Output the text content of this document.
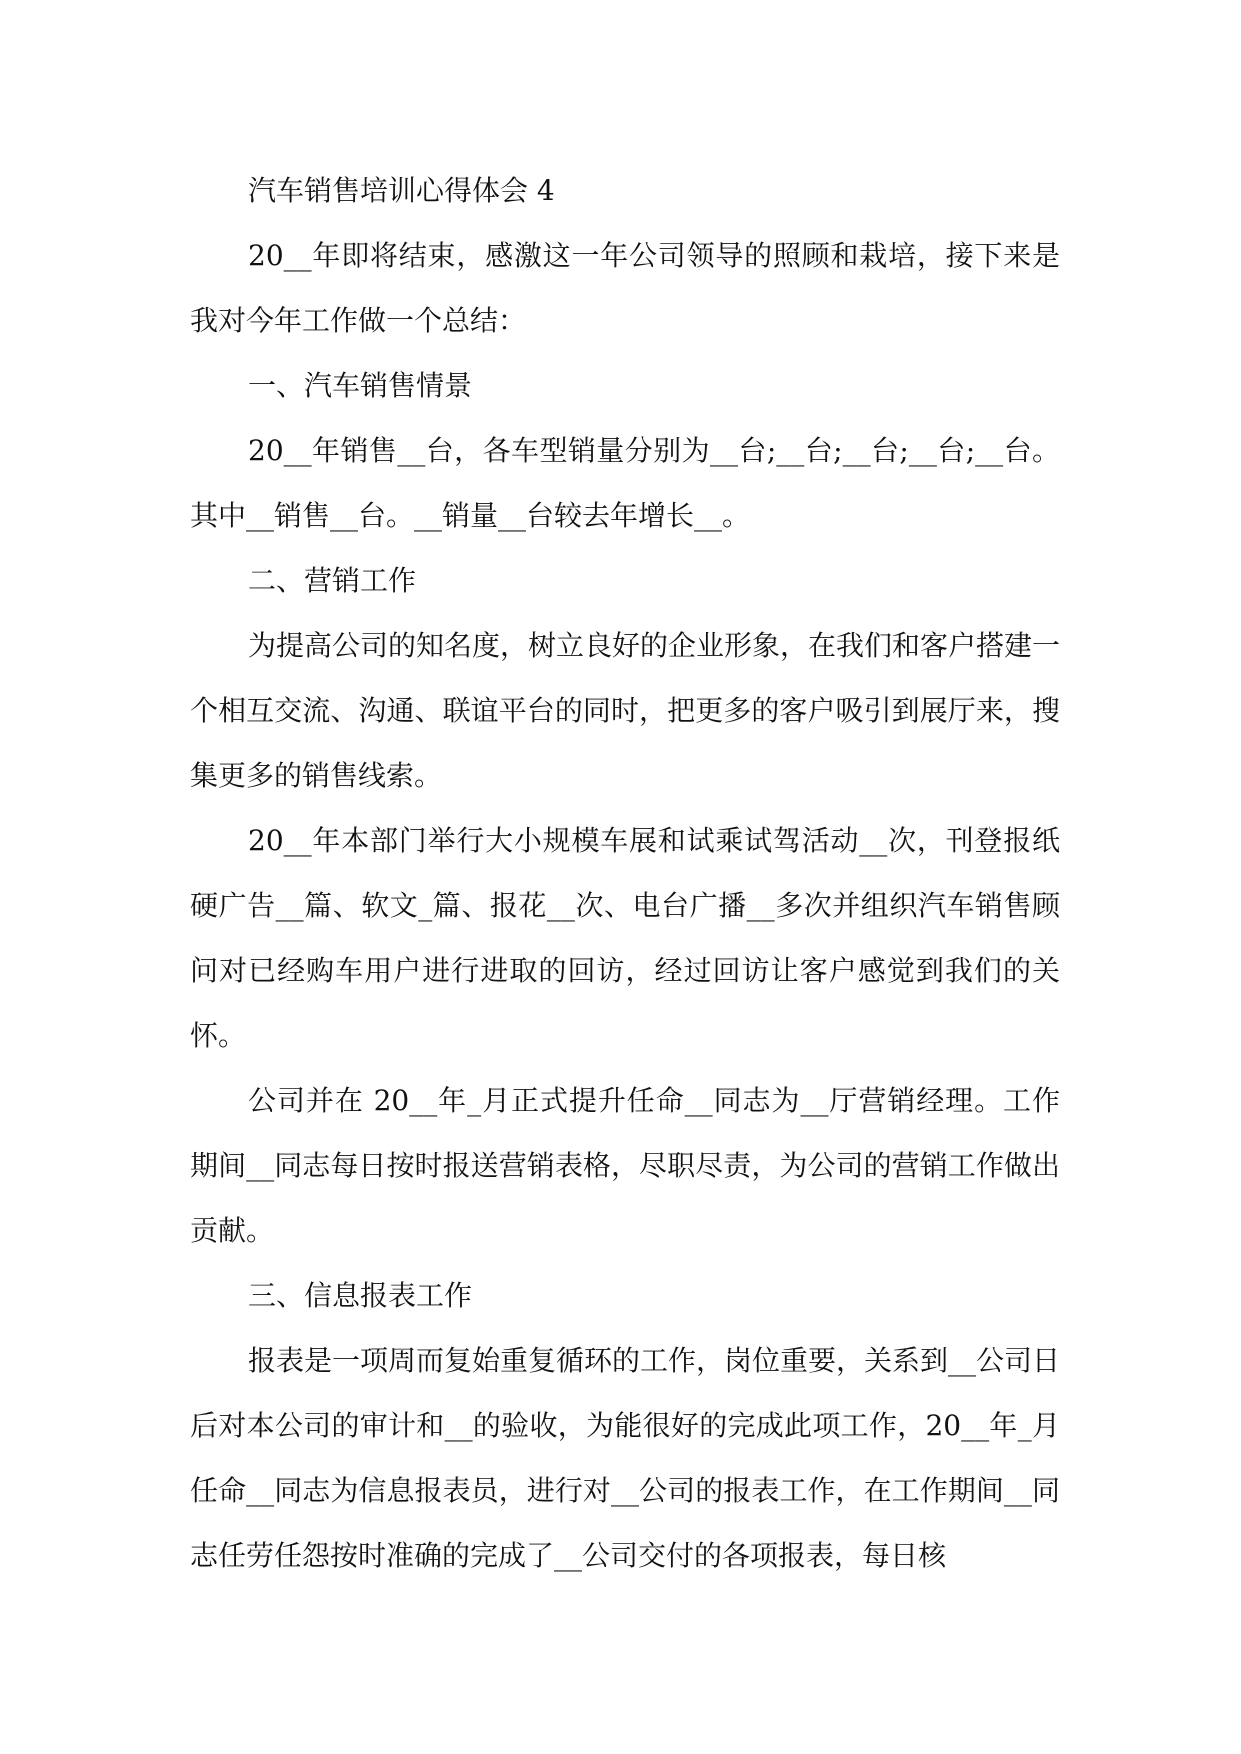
汽车销售培训心得体会 4

20__年即将结束，感激这一年公司领导的照顾和栽培，接下来是我对今年工作做一个总结：

一、汽车销售情景

20__年销售__台，各车型销量分别为__台;__台;__台;__台;__台。其中__销售__台。__销量__台较去年增长__。

二、营销工作

为提高公司的知名度，树立良好的企业形象，在我们和客户搭建一个相互交流、沟通、联谊平台的同时，把更多的客户吸引到展厅来，搜集更多的销售线索。

20__年本部门举行大小规模车展和试乘试驾活动__次，刊登报纸硬广告__篇、软文_篇、报花__次、电台广播__多次并组织汽车销售顾问对已经购车用户进行进取的回访，经过回访让客户感觉到我们的关怀。

公司并在 20__年_月正式提升任命__同志为__厅营销经理。工作期间__同志每日按时报送营销表格，尽职尽责，为公司的营销工作做出贡献。

三、信息报表工作

报表是一项周而复始重复循环的工作，岗位重要，关系到__公司日后对本公司的审计和__的验收，为能很好的完成此项工作，20__年_月任命__同志为信息报表员，进行对__公司的报表工作，在工作期间__同志任劳任怨按时准确的完成了__公司交付的各项报表，每日核
